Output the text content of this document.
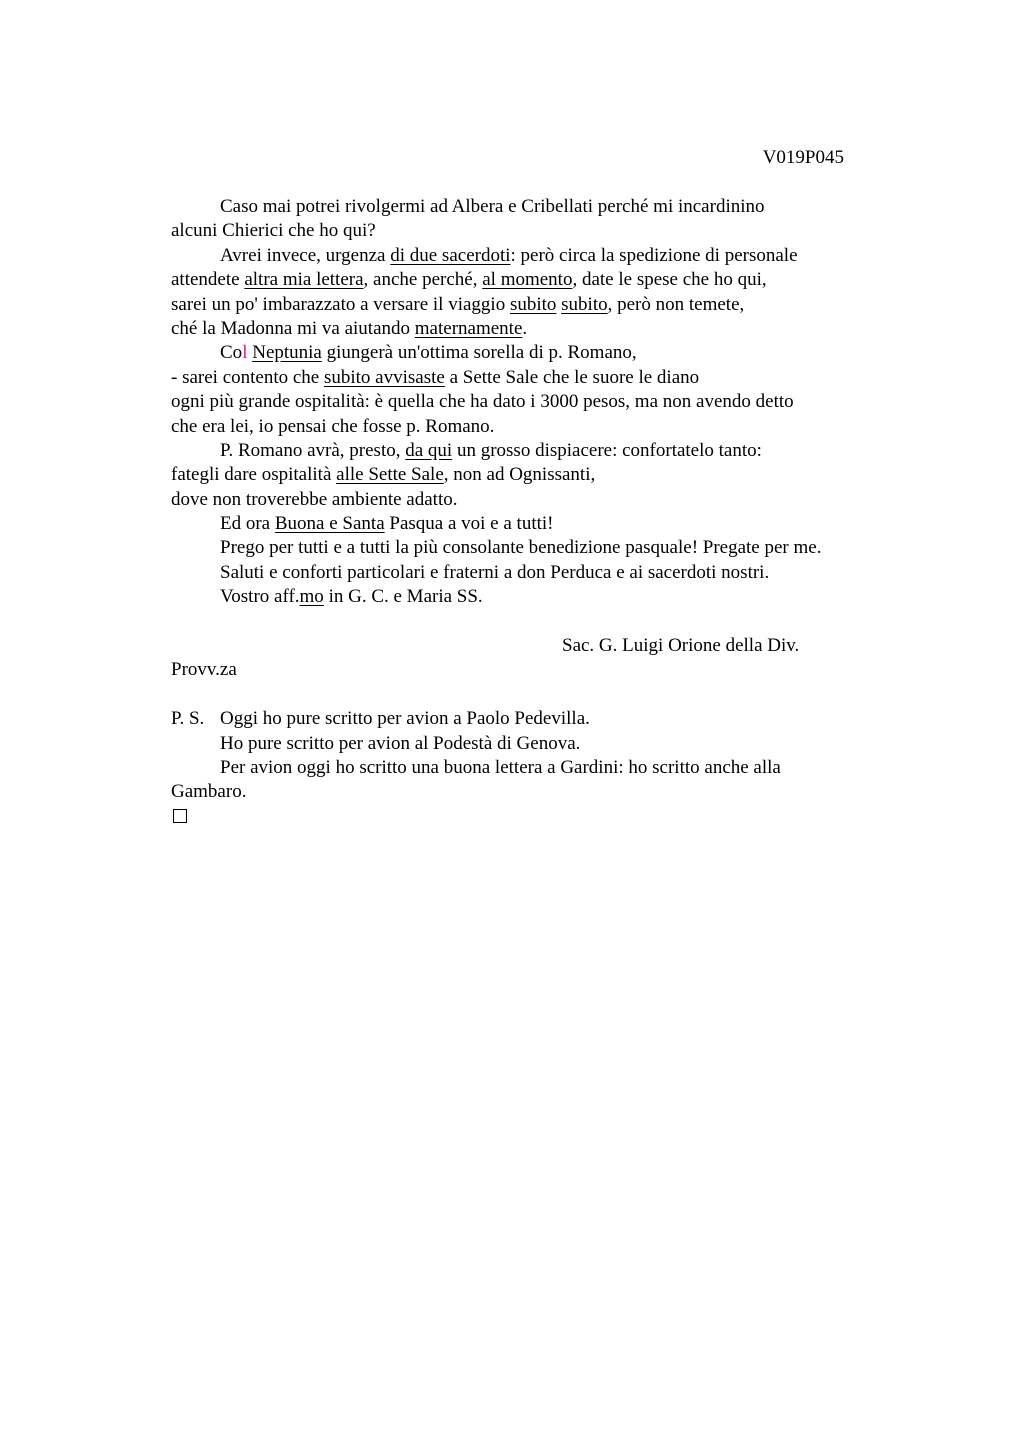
V019P045
Caso mai potrei rivolgermi ad Albera e Cribellati perché mi incardinino
alcuni Chierici che ho qui?
Avrei invece, urgenza di due sacerdoti: però circa la spedizione di personale
attendete altra mia lettera, anche perché, al momento, date le spese che ho qui,
sarei un po' imbarazzato a versare il viaggio subito subito, però non temete,
ché la Madonna mi va aiutando maternamente.
Col Neptunia giungerà un'ottima sorella di p. Romano,
- sarei contento che subito avvisaste a Sette Sale che le suore le diano
ogni più grande ospitalità: è quella che ha dato i 3000 pesos, ma non avendo detto
che era lei, io pensai che fosse p. Romano.
P. Romano avrà, presto, da qui un grosso dispiacere: confortatelo tanto:
fategli dare ospitalità alle Sette Sale, non ad Ognissanti,
dove non troverebbe ambiente adatto.
Ed ora Buona e Santa Pasqua a voi e a tutti!
Prego per tutti e a tutti la più consolante benedizione pasquale! Pregate per me.
Saluti e conforti particolari e fraterni a don Perduca e ai sacerdoti nostri.
Vostro aff.mo in G. C. e Maria SS.
Sac. G. Luigi Orione della Div.
Provv.za
P. S. Oggi ho pure scritto per avion a Paolo Pedevilla.
Ho pure scritto per avion al Podestà di Genova.
Per avion oggi ho scritto una buona lettera a Gardini: ho scritto anche alla
Gambaro.
